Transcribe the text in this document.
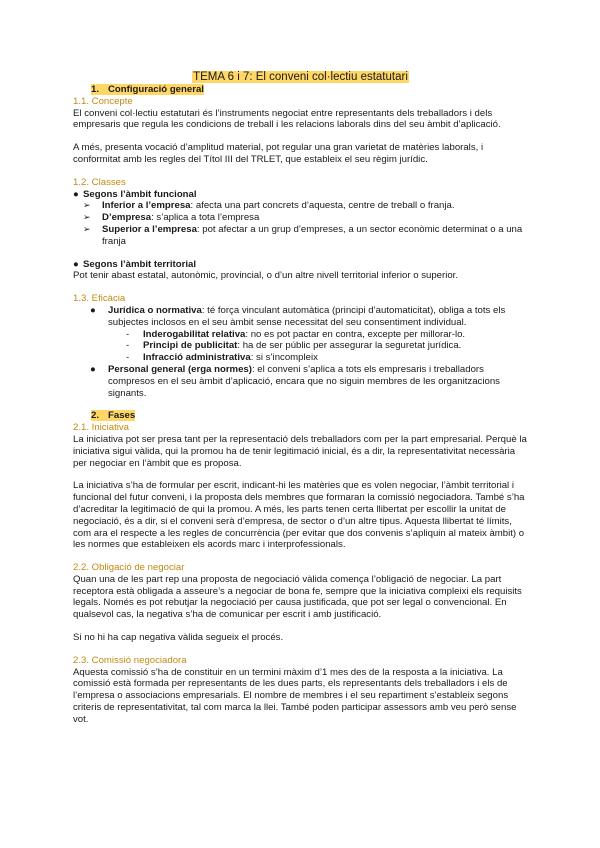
TEMA 6 i 7: El conveni col·lectiu estatutari

1. Configuració general

1.1. Concepte

El conveni col·lectiu estatutari és l’instruments negociat entre representants dels treballadors i dels empresaris que regula les condicions de treball i les relacions laborals dins del seu àmbit d’aplicació.

A més, presenta vocació d’amplitud material, pot regular una gran varietat de matèries laborals, i conformitat amb les regles del Títol III del TRLET, que estableix el seu règim jurídic.

1.2. Classes

● Segons l’àmbit funcional

➢	Inferior a l’empresa: afecta una part concrets d’aquesta, centre de treball o franja.
➢	D’empresa: s’aplica a tota l’empresa
➢	Superior a l’empresa: pot afectar a un grup d’empreses, a un sector econòmic determinat o a una franja

● Segons l’àmbit territorial

Pot tenir abast estatal, autonòmic, provincial, o d’un altre nivell territorial inferior o superior.

1.3. Eficàcia

●	Jurídica o normativa: té força vinculant automàtica (principi d’automaticitat), obliga a tots els subjectes inclosos en el seu àmbit sense necessitat del seu consentiment individual.
-	Inderogabilitat relativa: no es pot pactar en contra, excepte per millorar-lo.
-	Principi de publicitat: ha de ser públic per assegurar la seguretat jurídica.
-	Infracció administrativa: si s’incompleix
●	Personal general (erga normes): el conveni s’aplica a tots els empresaris i treballadors compresos en el seu àmbit d’aplicació, encara que no siguin membres de les organitzacions signants.

2. Fases

2.1. Iniciativa

La iniciativa pot ser presa tant per la representació dels treballadors com per la part empresarial. Perquè la iniciativa sigui vàlida, qui la promou ha de tenir legitimació inicial, és a dir, la representativitat necessària per negociar en l’àmbit que es proposa.

La iniciativa s’ha de formular per escrit, indicant-hi les matèries que es volen negociar, l’àmbit territorial i funcional del futur conveni, i la proposta dels membres que formaran la comissió negociadora. També s’ha d’acreditar la legitimació de qui la promou. A més, les parts tenen certa llibertat per escollir la unitat de negociació, és a dir, si el conveni serà d’empresa, de sector o d’un altre tipus. Aquesta llibertat té límits, com ara el respecte a les regles de concurrència (per evitar que dos convenis s’apliquin al mateix àmbit) o les normes que estableixen els acords marc i interprofessionals.

2.2. Obligació de negociar

Quan una de les part rep una proposta de negociació vàlida comença l’obligació de negociar. La part receptora està obligada a asseure’s a negociar de bona fe, sempre que la iniciativa compleixi els requisits legals. Només es pot rebutjar la negociació per causa justificada, que pot ser legal o convencional. En qualsevol cas, la negativa s’ha de comunicar per escrit i amb justificació.

Si no hi ha cap negativa vàlida segueix el procés.

2.3. Comissió negociadora

Aquesta comissió s’ha de constituir en un termini màxim d’1 mes des de la resposta a la iniciativa. La comissió està formada per representants de les dues parts, els representants dels treballadors i els de l’empresa o associacions empresarials. El nombre de membres i el seu repartiment s’estableix segons criteris de representativitat, tal com marca la llei. També poden participar assessors amb veu però sense vot.
